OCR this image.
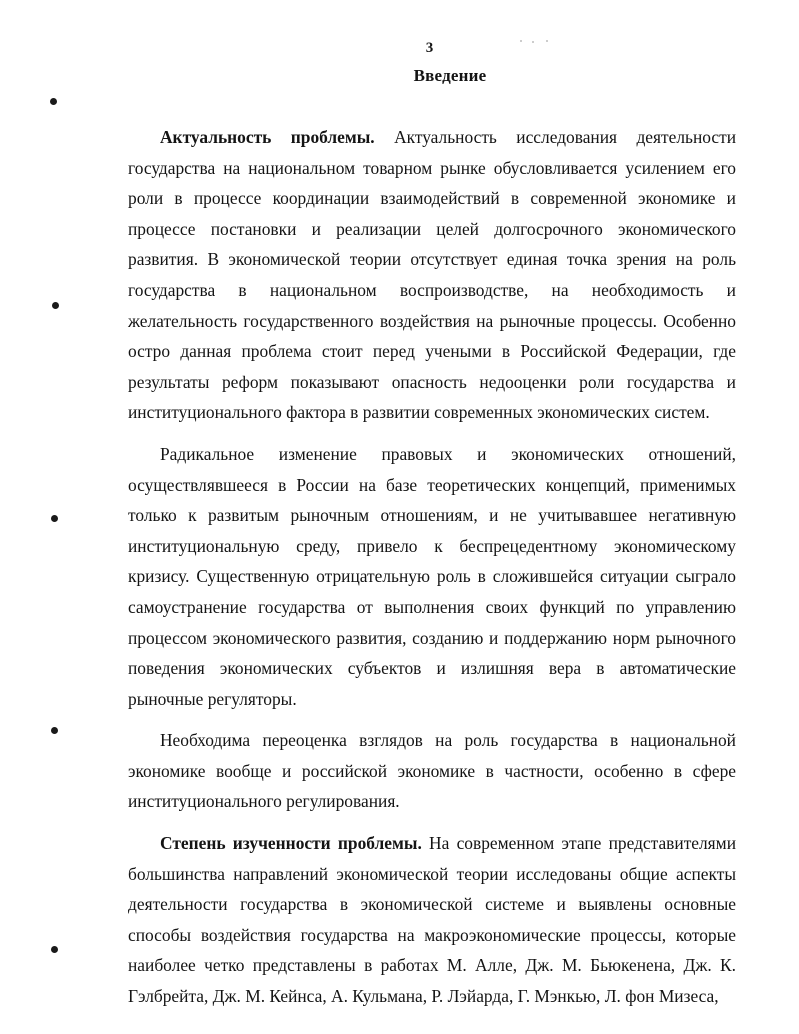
3
Введение

Актуальность проблемы. Актуальность исследования деятельности государства на национальном товарном рынке обусловливается усилением его роли в процессе координации взаимодействий в современной экономике и процессе постановки и реализации целей долгосрочного экономического развития. В экономической теории отсутствует единая точка зрения на роль государства в национальном воспроизводстве, на необходимость и желательность государственного воздействия на рыночные процессы. Особенно остро данная проблема стоит перед учеными в Российской Федерации, где результаты реформ показывают опасность недооценки роли государства и институционального фактора в развитии современных экономических систем.

Радикальное изменение правовых и экономических отношений, осуществлявшееся в России на базе теоретических концепций, применимых только к развитым рыночным отношениям, и не учитывавшее негативную институциональную среду, привело к беспрецедентному экономическому кризису. Существенную отрицательную роль в сложившейся ситуации сыграло самоустранение государства от выполнения своих функций по управлению процессом экономического развития, созданию и поддержанию норм рыночного поведения экономических субъектов и излишняя вера в автоматические рыночные регуляторы.

Необходима переоценка взглядов на роль государства в национальной экономике вообще и российской экономике в частности, особенно в сфере институционального регулирования.

Степень изученности проблемы. На современном этапе представителями большинства направлений экономической теории исследованы общие аспекты деятельности государства в экономической системе и выявлены основные способы воздействия государства на макроэкономические процессы, которые наиболее четко представлены в работах М. Алле, Дж. М. Бьюкенена, Дж. К. Гэлбрейта, Дж. М. Кейнса, А. Кульмана, Р. Лэйарда, Г. Мэнкью, Л. фон Мизеса,
